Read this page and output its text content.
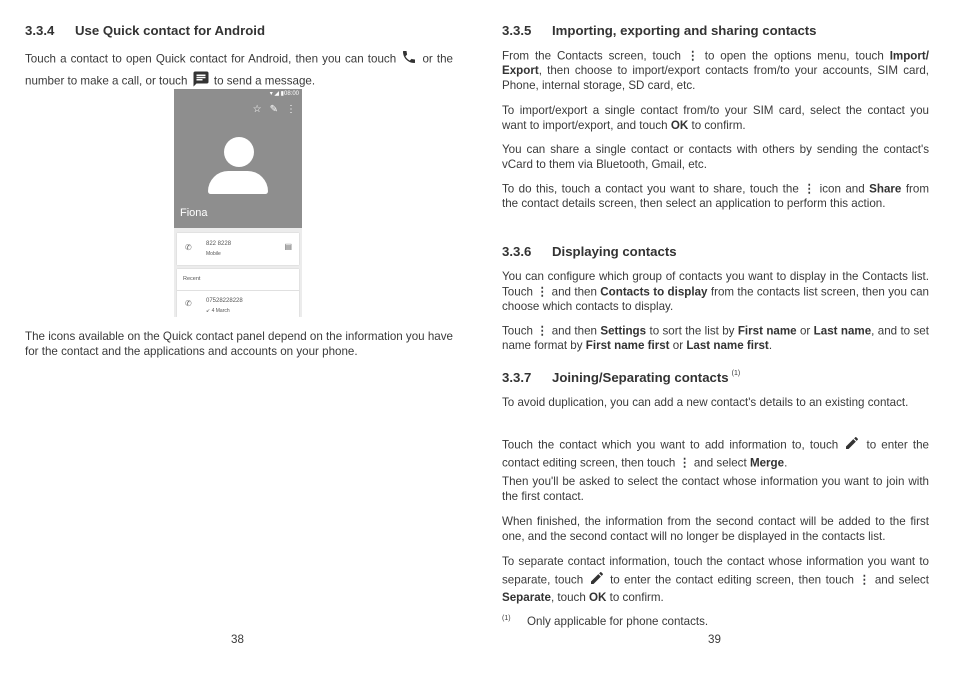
3.3.4	Use Quick contact for Android

Touch a contact to open Quick contact for Android, then you can touch or the number to make a call, or touch to send a message.

▾ ◢ ▮08:00
☆ ✎ ⋮
Fiona
✆ 822 8228
Mobile
▤
Recent
✆ 07528228228
↙ 4 March

The icons available on the Quick contact panel depend on the information you have for the contact and the applications and accounts on your phone.

38
3.3.5	Importing, exporting and sharing contacts

From the Contacts screen, touch ⋮ to open the options menu, touch Import/ Export, then choose to import/export contacts from/to your accounts, SIM card, Phone, internal storage, SD card, etc.

To import/export a single contact from/to your SIM card, select the contact you want to import/export, and touch OK to confirm.

You can share a single contact or contacts with others by sending the contact's vCard to them via Bluetooth, Gmail, etc.

To do this, touch a contact you want to share, touch the ⋮ icon and Share from the contact details screen, then select an application to perform this action.

3.3.6	Displaying contacts

You can configure which group of contacts you want to display in the Contacts list. Touch ⋮ and then Contacts to display from the contacts list screen, then you can choose which contacts to display.

Touch ⋮ and then Settings to sort the list by First name or Last name, and to set name format by First name first or Last name first.

3.3.7	Joining/Separating contacts (1)

To avoid duplication, you can add a new contact's details to an existing contact.

Touch the contact which you want to add information to, touch to enter the contact editing screen, then touch ⋮ and select Merge.

Then you'll be asked to select the contact whose information you want to join with the first contact.

When finished, the information from the second contact will be added to the first one, and the second contact will no longer be displayed in the contacts list.

To separate contact information, touch the contact whose information you want to separate, touch to enter the contact editing screen, then touch ⋮ and select Separate, touch OK to confirm.

(1)	Only applicable for phone contacts.
39
